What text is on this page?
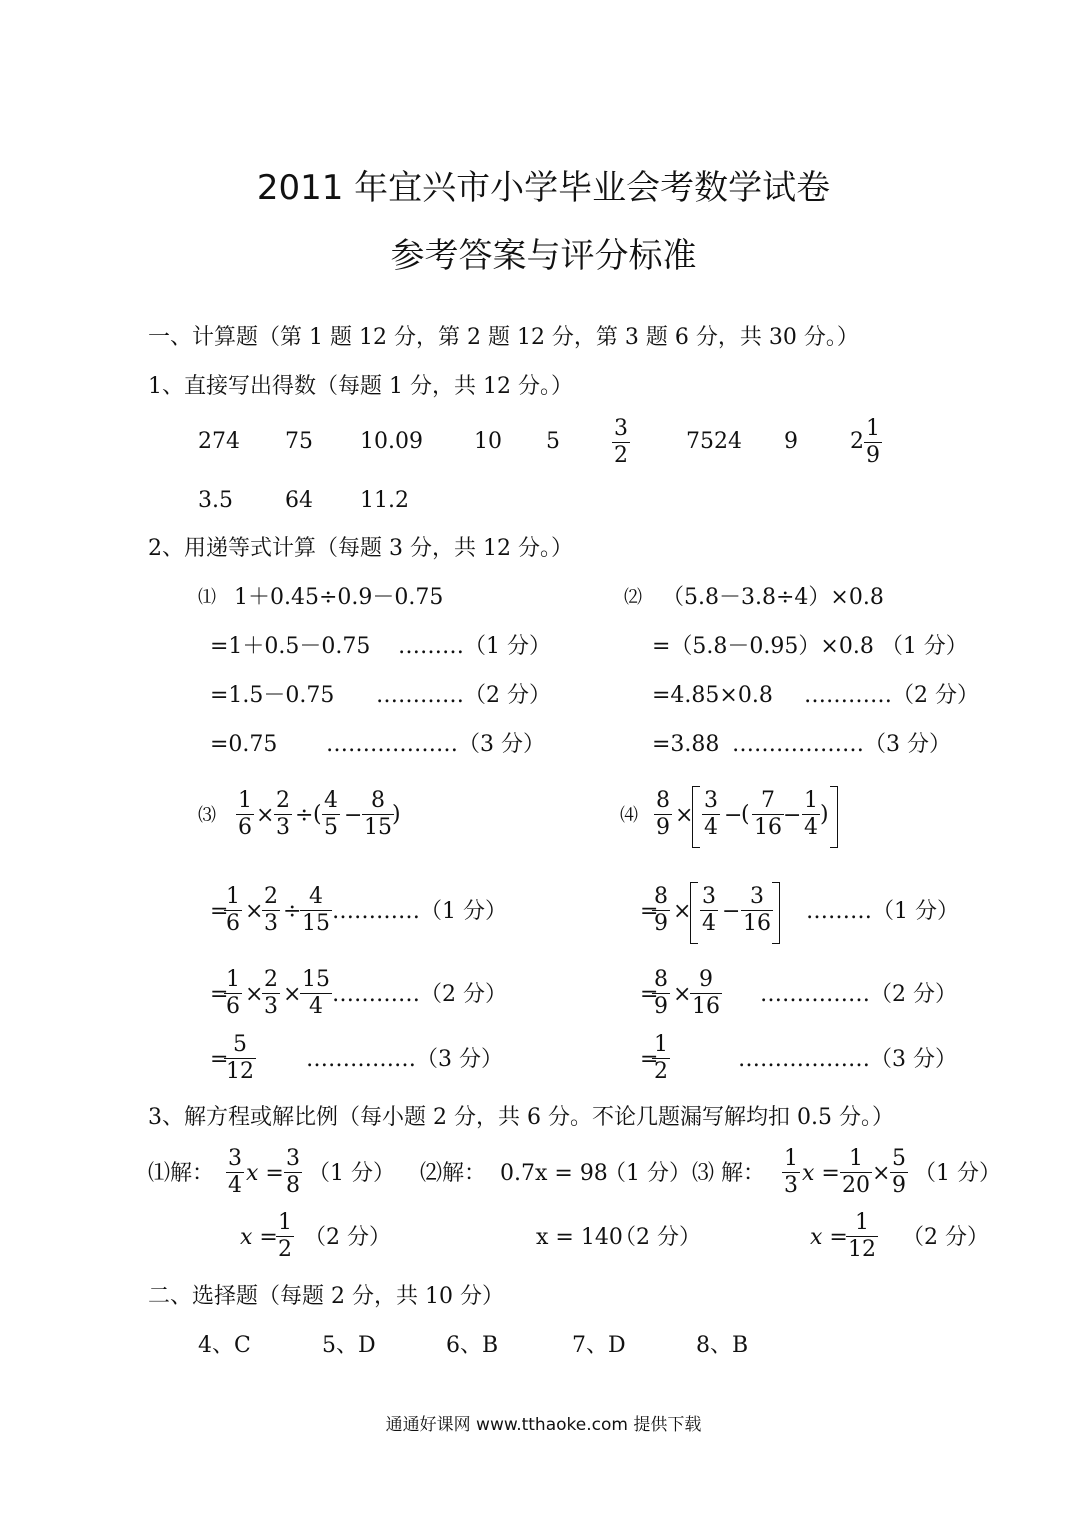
2011 年宜兴市小学毕业会考数学试卷
参考答案与评分标准
一、计算题（第 1 题 12 分，第 2 题 12 分，第 3 题 6 分，共 30 分。）
1、直接写出得数（每题 1 分，共 12 分。）
274 75 10.09 10 5
3
2
7524 9 2
1
9
3.5 64 11.2
2、用递等式计算（每题 3 分，共 12 分。）
⑴ 1＋0.45÷0.9－0.75
=1＋0.5－0.75 ………（1 分）
=1.5－0.75 …………（2 分）
=0.75 ………………（3 分）
⑵ （5.8－3.8÷4）×0.8
=（5.8－0.95）×0.8 （1 分）
=4.85×0.8 …………（2 分）
=3.88 ………………（3 分）
⑶
1
6 ×
2
3 ÷ (
4
5 −
8
15
)	⑷
8
9 ×
3
4 −
(
7
16 −
1
4
)
=
1
6 ×
2
3 ÷
4
15 …………（1 分）
=
1
6 ×
2
3 ×
15
4 …………（2 分）
=
5
12 ……………（3 分）
=
8
9 ×
3
4 −
3
16 ………（1 分）
=
8
9 ×
9
16 ……………（2 分）
=
1
2	………………（3 分）
3、解方程或解比例（每小题 2 分，共 6 分。不论几题漏写解均扣 0.5 分。）
⑴解：
3
4 x =
3
8 （1 分）
x =
1
2 （2 分）
⑵解： 0.7x = 98
（1 分）
x = 140
（2 分）
⑶ 解：
1
3 x =
1
20 ×
5
9 （1 分）
x =
1
12 （2 分）
二、选择题（每题 2 分，共 10 分）
4、C	5、D	6、B	7、D	8、B
通通好课网 www.tthaoke.com 提供下载
